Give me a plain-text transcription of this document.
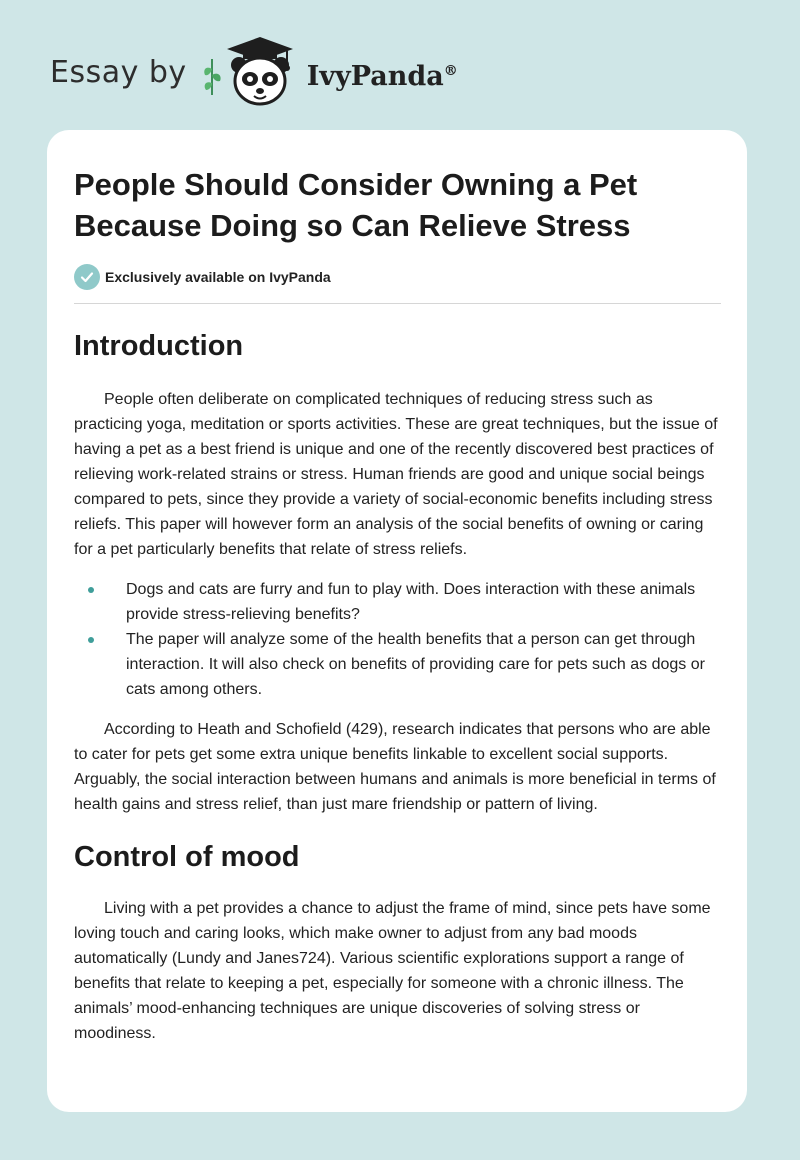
Essay by	IvyPanda®
People Should Consider Owning a Pet
Because Doing so Can Relieve Stress
Exclusively available on IvyPanda
Introduction

People often deliberate on complicated techniques of reducing stress such as practicing yoga, meditation or sports activities. These are great techniques, but the issue of having a pet as a best friend is unique and one of the recently discovered best practices of relieving work-related strains or stress. Human friends are good and unique social beings compared to pets, since they provide a variety of social-economic benefits including stress reliefs. This paper will however form an analysis of the social benefits of owning or caring for a pet particularly benefits that relate of stress reliefs.

Dogs and cats are furry and fun to play with. Does interaction with these animals provide stress-relieving benefits?
The paper will analyze some of the health benefits that a person can get through interaction. It will also check on benefits of providing care for pets such as dogs or cats among others.

According to Heath and Schofield (429), research indicates that persons who are able to cater for pets get some extra unique benefits linkable to excellent social supports. Arguably, the social interaction between humans and animals is more beneficial in terms of health gains and stress relief, than just mare friendship or pattern of living.

Control of mood

Living with a pet provides a chance to adjust the frame of mind, since pets have some loving touch and caring looks, which make owner to adjust from any bad moods automatically (Lundy and Janes724). Various scientific explorations support a range of benefits that relate to keeping a pet, especially for someone with a chronic illness. The animals’ mood-enhancing techniques are unique discoveries of solving stress or moodiness.
